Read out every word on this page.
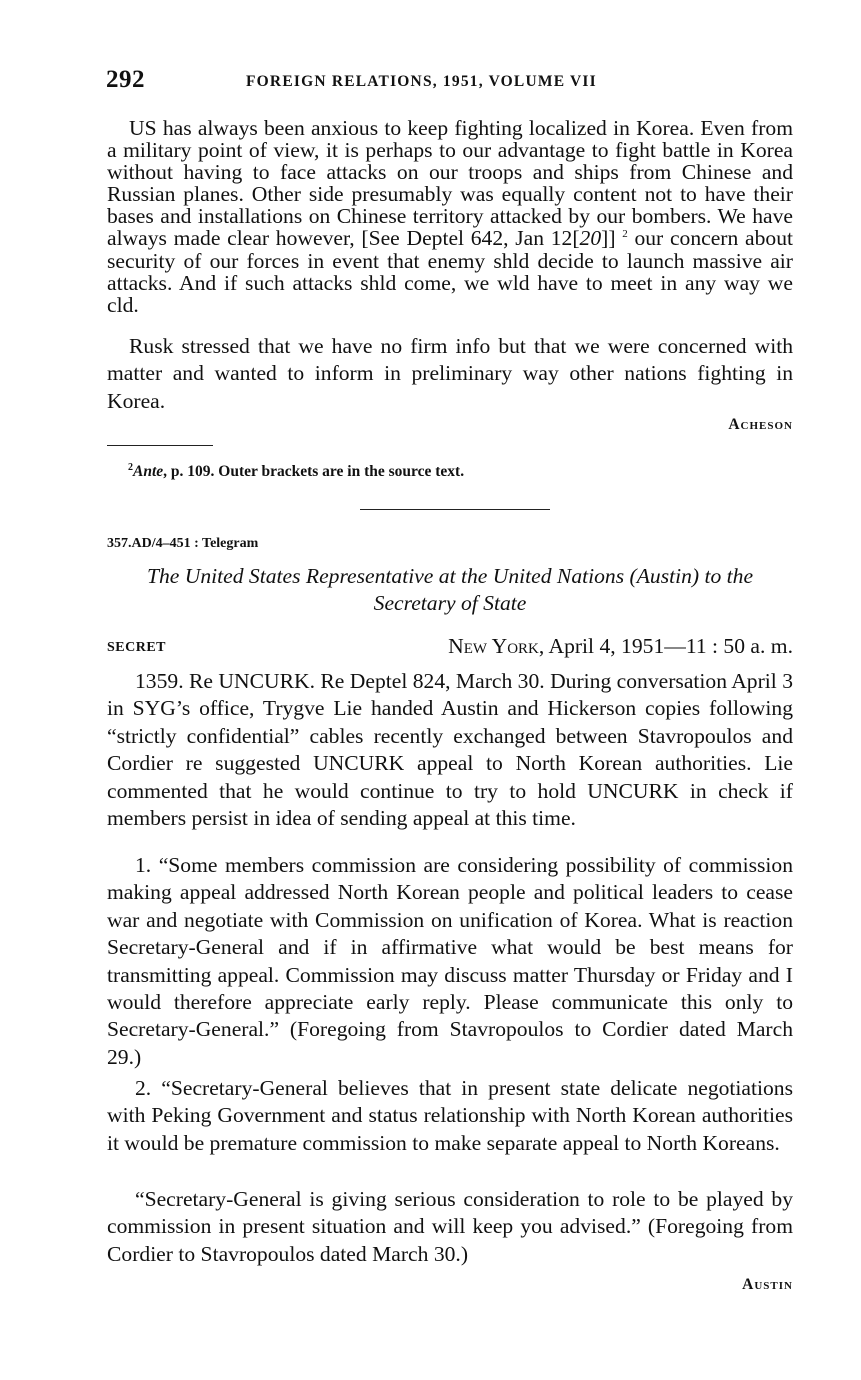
292	FOREIGN RELATIONS, 1951, VOLUME VII

US has always been anxious to keep fighting localized in Korea. Even from a military point of view, it is perhaps to our advantage to fight battle in Korea without having to face attacks on our troops and ships from Chinese and Russian planes. Other side presumably was equally content not to have their bases and installations on Chinese territory attacked by our bombers. We have always made clear however, [See Deptel 642, Jan 12[20]] $^2$ our concern about security of our forces in event that enemy shld decide to launch massive air attacks. And if such attacks shld come, we wld have to meet in any way we cld.

Rusk stressed that we have no firm info but that we were concerned with matter and wanted to inform in preliminary way other nations fighting in Korea.

Acheson
$^2$Ante, p. 109. Outer brackets are in the source text.
357.AD/4–451 : Telegram
The United States Representative at the United Nations (Austin) to the Secretary of State
SECRET	New York, April 4, 1951—11 : 50 a. m.

1359. Re UNCURK. Re Deptel 824, March 30. During conversation April 3 in SYG’s office, Trygve Lie handed Austin and Hickerson copies following “strictly confidential” cables recently exchanged between Stavropoulos and Cordier re suggested UNCURK appeal to North Korean authorities. Lie commented that he would continue to try to hold UNCURK in check if members persist in idea of sending appeal at this time.

1. “Some members commission are considering possibility of commission making appeal addressed North Korean people and political leaders to cease war and negotiate with Commission on unification of Korea. What is reaction Secretary-General and if in affirmative what would be best means for transmitting appeal. Commission may discuss matter Thursday or Friday and I would therefore appreciate early reply. Please communicate this only to Secretary-General.” (Foregoing from Stavropoulos to Cordier dated March 29.)

2. “Secretary-General believes that in present state delicate negotiations with Peking Government and status relationship with North Korean authorities it would be premature commission to make separate appeal to North Koreans.

“Secretary-General is giving serious consideration to role to be played by commission in present situation and will keep you advised.” (Foregoing from Cordier to Stavropoulos dated March 30.)

Austin
